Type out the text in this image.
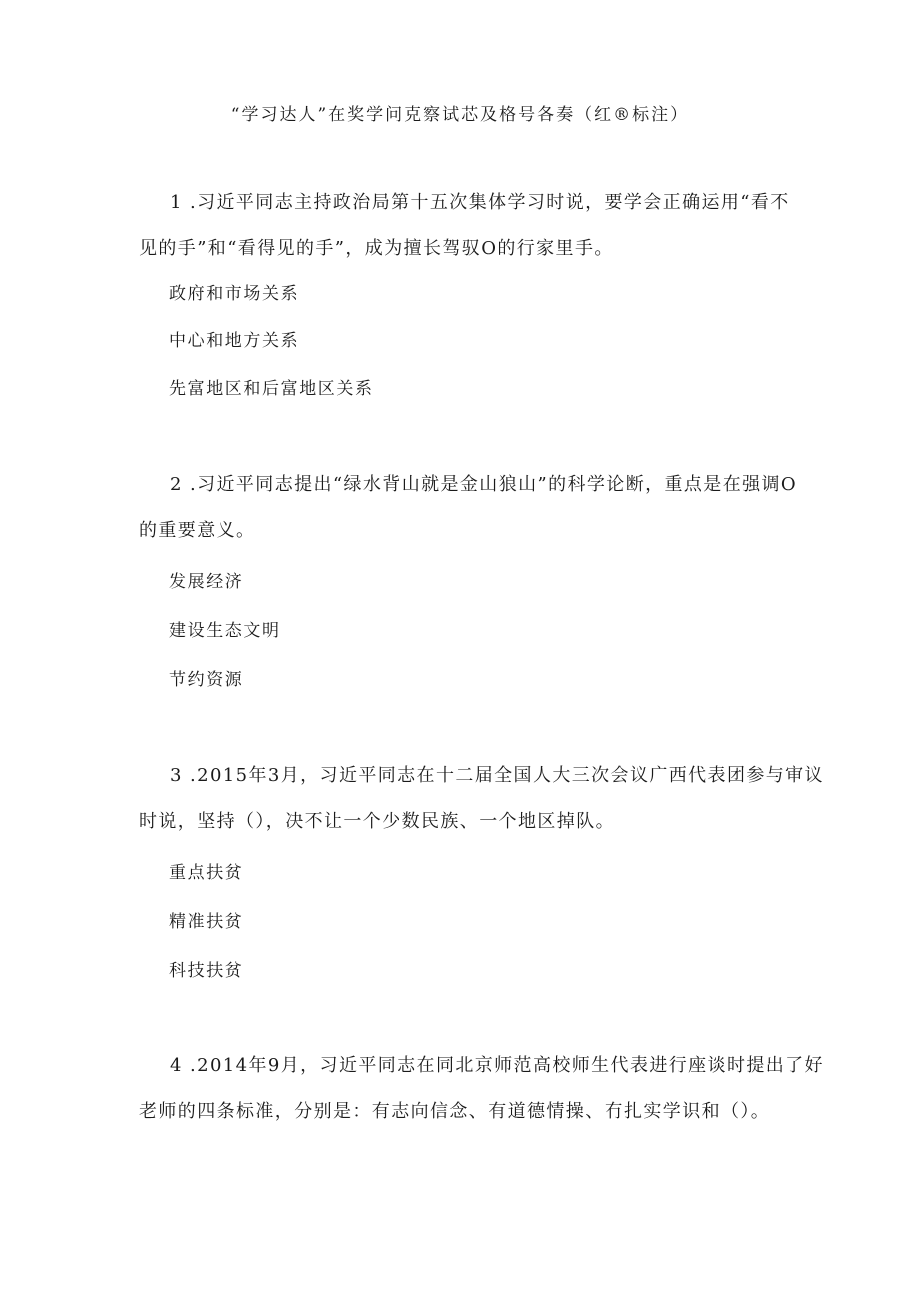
“学习达人”在奖学问克察试芯及格号各奏（红®标注）
1 .习近平同志主持政治局第十五次集体学习时说，要学会正确运用“看不
见的手”和“看得见的手”，成为擅长驾驭O的行家里手。
政府和市场关系
中心和地方关系
先富地区和后富地区关系
2 .习近平同志提出“绿水背山就是金山狼山”的科学论断，重点是在强调O
的重要意义。
发展经济
建设生态文明
节约资源
3 .2015年3月，习近平同志在十二届全国人大三次会议广西代表团参与审议
时说，坚持（），决不让一个少数民族、一个地区掉队。
重点扶贫
精准扶贫
科技扶贫
4 .2014年9月，习近平同志在同北京师范高校师生代表进行座谈时提出了好
老师的四条标准，分别是：有志向信念、有道德情操、冇扎实学识和（）。
